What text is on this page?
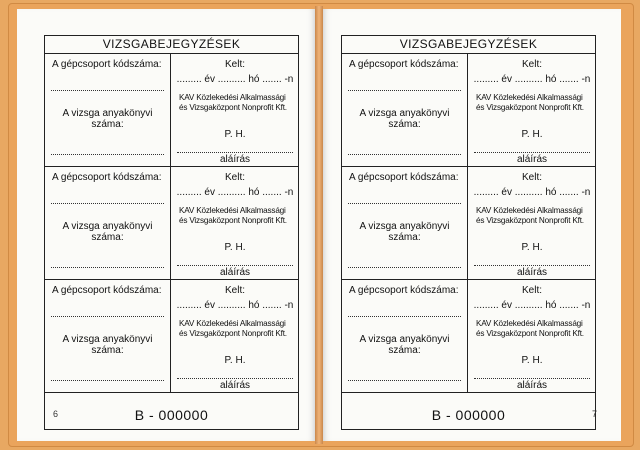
VIZSGABEJEGYZÉSEK
A gépcsoport kódszáma:
A vizsga anyakönyvi száma:
Kelt:
......... év .......... hó ....... -n
KAV Közlekedési Alkalmassági és Vizsgaközpont Nonprofit Kft.
P. H.
aláírás
A gépcsoport kódszáma:
A vizsga anyakönyvi száma:
Kelt:
......... év .......... hó ....... -n
KAV Közlekedési Alkalmassági és Vizsgaközpont Nonprofit Kft.
P. H.
aláírás
A gépcsoport kódszáma:
A vizsga anyakönyvi száma:
Kelt:
......... év .......... hó ....... -n
KAV Közlekedési Alkalmassági és Vizsgaközpont Nonprofit Kft.
P. H.
aláírás
B - 000000
6
VIZSGABEJEGYZÉSEK
A gépcsoport kódszáma:
A vizsga anyakönyvi száma:
Kelt:
......... év .......... hó ....... -n
KAV Közlekedési Alkalmassági és Vizsgaközpont Nonprofit Kft.
P. H.
aláírás
A gépcsoport kódszáma:
A vizsga anyakönyvi száma:
Kelt:
......... év .......... hó ....... -n
KAV Közlekedési Alkalmassági és Vizsgaközpont Nonprofit Kft.
P. H.
aláírás
A gépcsoport kódszáma:
A vizsga anyakönyvi száma:
Kelt:
......... év .......... hó ....... -n
KAV Közlekedési Alkalmassági és Vizsgaközpont Nonprofit Kft.
P. H.
aláírás
B - 000000	7
